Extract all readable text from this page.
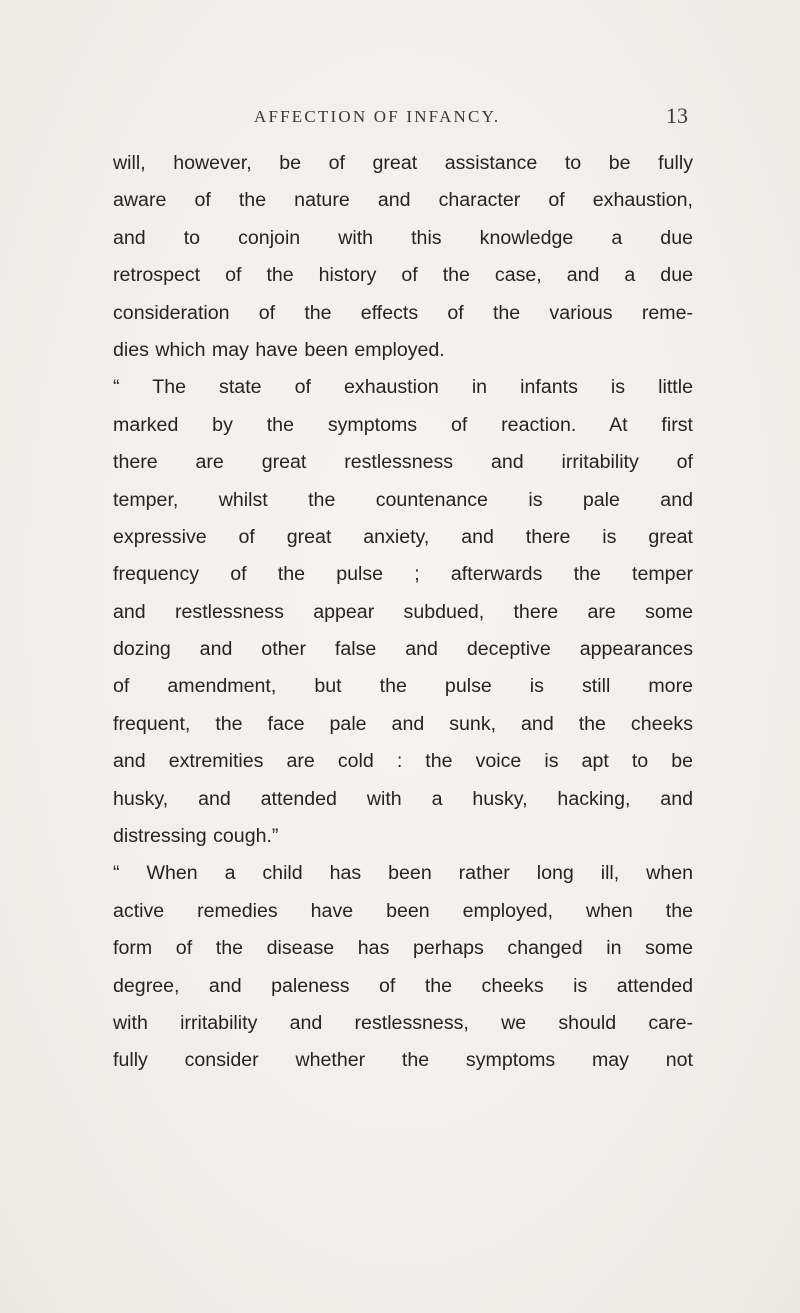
AFFECTION OF INFANCY.	13
will, however, be of great assistance to be fully
aware of the nature and character of exhaustion,
and to conjoin with this knowledge a due
retrospect of the history of the case, and a due
consideration of the effects of the various reme-
dies which may have been employed.
“ The state of exhaustion in infants is little
marked by the symptoms of reaction. At first
there are great restlessness and irritability of
temper, whilst the countenance is pale and
expressive of great anxiety, and there is great
frequency of the pulse ; afterwards the temper
and restlessness appear subdued, there are some
dozing and other false and deceptive appearances
of amendment, but the pulse is still more
frequent, the face pale and sunk, and the cheeks
and extremities are cold : the voice is apt to be
husky, and attended with a husky, hacking, and
distressing cough.”
“ When a child has been rather long ill, when
active remedies have been employed, when the
form of the disease has perhaps changed in some
degree, and paleness of the cheeks is attended
with irritability and restlessness, we should care-
fully consider whether the symptoms may not
